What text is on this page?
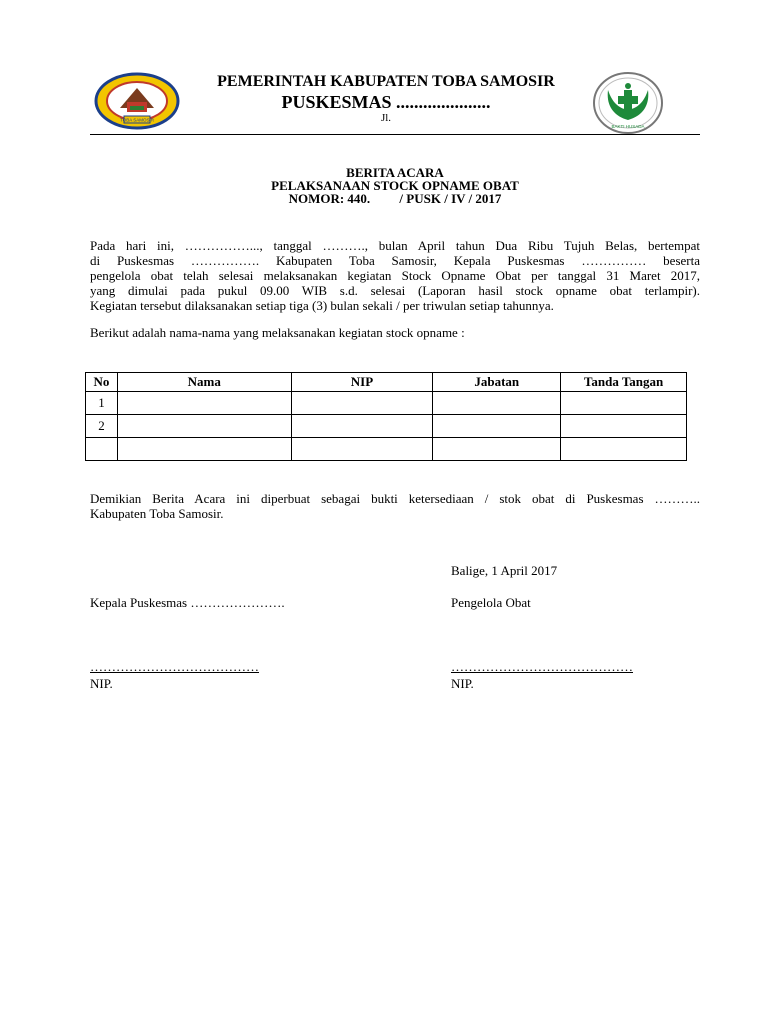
TOBA SAMOSIR
BAKTI HUSADA
PEMERINTAH KABUPATEN TOBA SAMOSIR
PUSKESMAS .....................
Jl.
BERITA ACARA
PELAKSANAAN STOCK OPNAME OBAT
NOMOR: 440.         / PUSK / IV / 2017
Pada hari ini, ……………..., tanggal ………., bulan April tahun Dua Ribu Tujuh Belas, bertempat
di Puskesmas ……………. Kabupaten Toba Samosir, Kepala Puskesmas …………… beserta
pengelola obat telah selesai melaksanakan kegiatan Stock Opname Obat per tanggal 31 Maret 2017,
yang dimulai pada pukul 09.00 WIB s.d. selesai (Laporan hasil stock opname obat terlampir).
Kegiatan tersebut dilaksanakan setiap tiga (3) bulan sekali / per triwulan setiap tahunnya.
Berikut adalah nama-nama yang melaksanakan kegiatan stock opname :
No	Nama	NIP	Jabatan	Tanda Tangan
1				
2				

Demikian Berita Acara ini diperbuat sebagai bukti ketersediaan / stok obat di Puskesmas ………..
Kabupaten Toba Samosir.
Balige, 1 April 2017
Kepala Puskesmas ………………….	Pengelola Obat
…………………………………	……………………………………
NIP.	NIP.
